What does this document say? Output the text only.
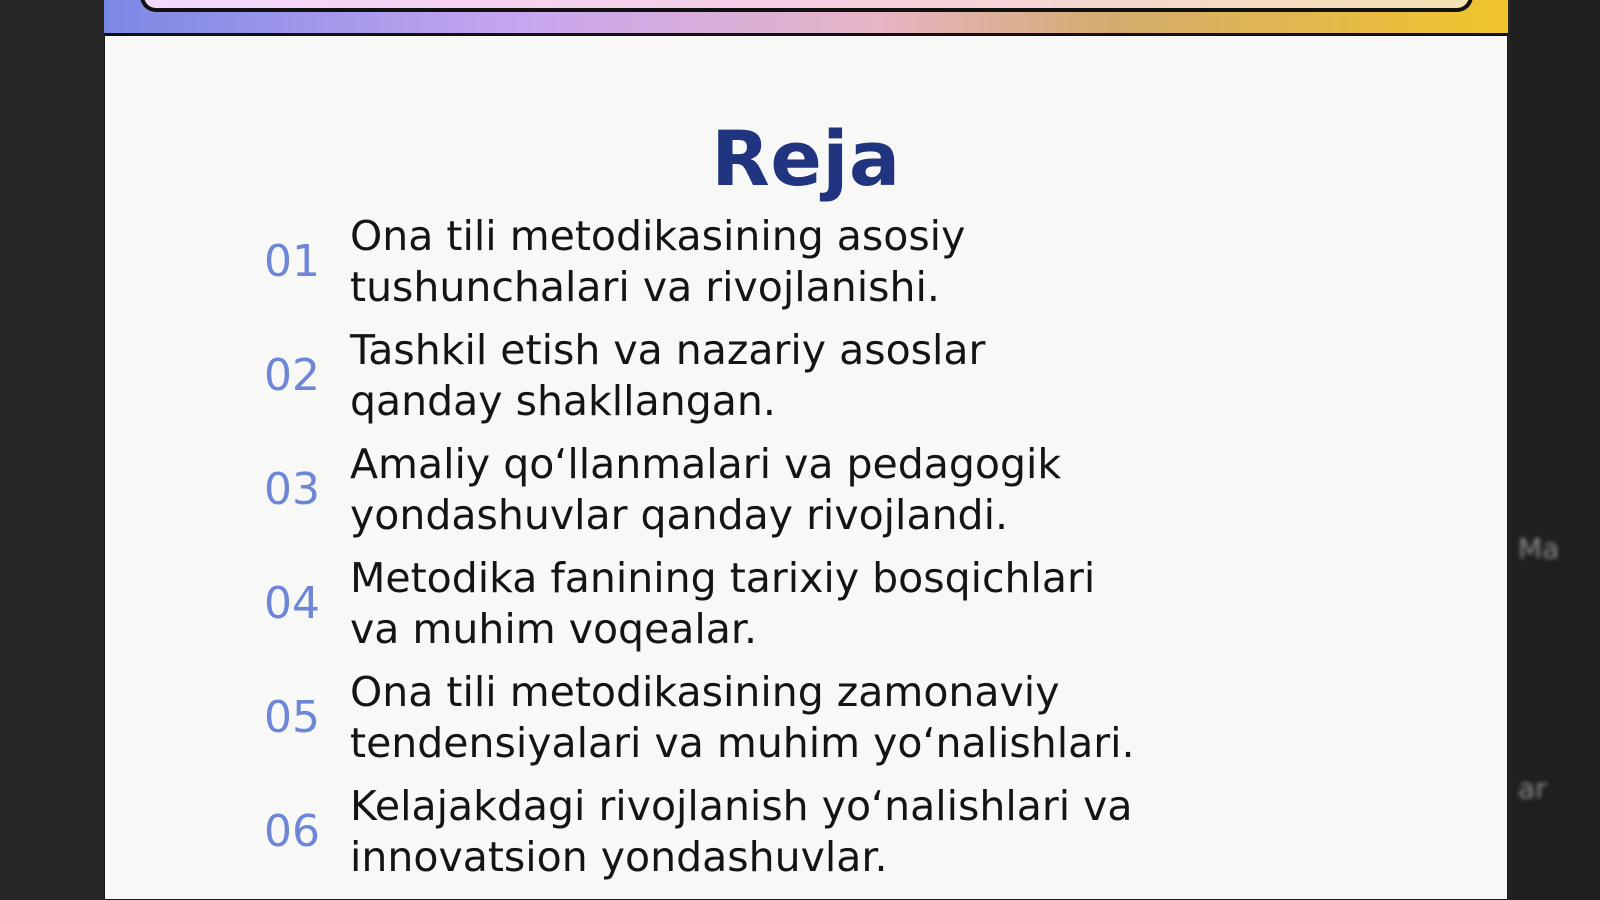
Ma
ar
Reja
01 Ona tili metodikasining asosiy
tushunchalari va rivojlanishi.
02 Tashkil etish va nazariy asoslar
qanday shakllangan.
03 Amaliy qo‘llanmalari va pedagogik
yondashuvlar qanday rivojlandi.
04 Metodika fanining tarixiy bosqichlari
va muhim voqealar.
05 Ona tili metodikasining zamonaviy
tendensiyalari va muhim yo‘nalishlari.
06 Kelajakdagi rivojlanish yo‘nalishlari va
innovatsion yondashuvlar.
